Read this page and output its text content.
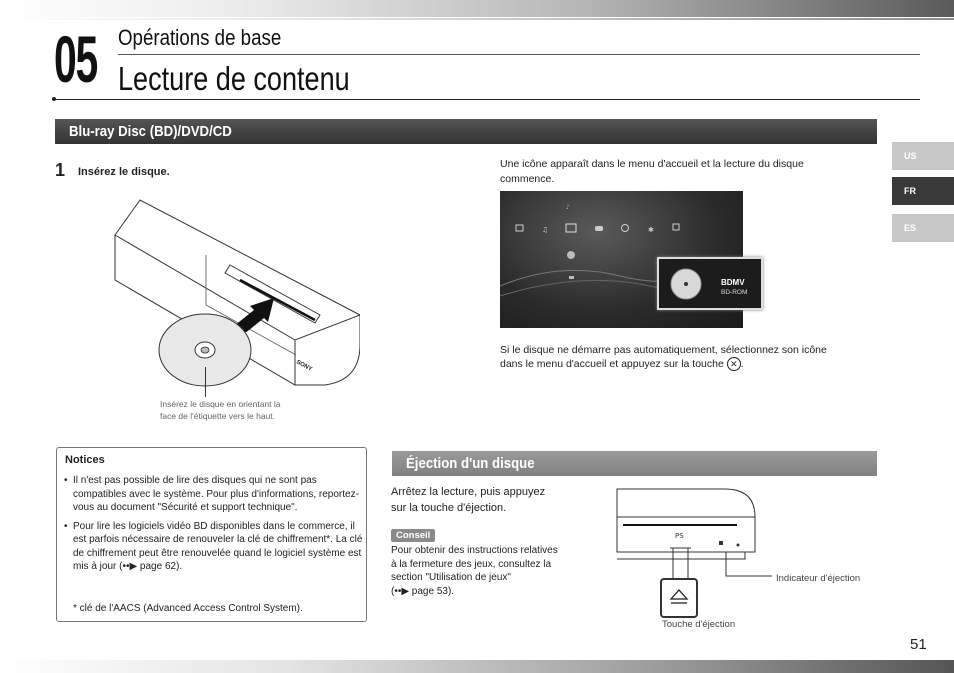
05 Opérations de base
Lecture de contenu
US
FR
ES
Blu-ray Disc (BD)/DVD/CD
1 Insérez le disque.
SONY
Insérez le disque en orientant la
face de l'étiquette vers le haut.
Une icône apparaît dans le menu d'accueil et la lecture du disque
commence.
♫	✱
♪
BDMV
BD-ROM
Si le disque ne démarre pas automatiquement, sélectionnez son icône
dans le menu d'accueil et appuyez sur la touche ✕ .
Notices
• Il n'est pas possible de lire des disques qui ne sont pas compatibles avec le système. Pour plus d'informations, reportez-vous au document "Sécurité et support technique".
• Pour lire les logiciels vidéo BD disponibles dans le commerce, il est parfois nécessaire de renouveler la clé de chiffrement*. La clé de chiffrement peut être renouvelée quand le logiciel système est mis à jour (••▶ page 62).
* clé de l'AACS (Advanced Access Control System).
Éjection d'un disque
Arrêtez la lecture, puis appuyez
sur la touche d'éjection.
Conseil
Pour obtenir des instructions relatives
à la fermeture des jeux, consultez la
section "Utilisation de jeux"
(••▶ page 53).
PS
Indicateur d'éjection
Touche d'éjection
51
